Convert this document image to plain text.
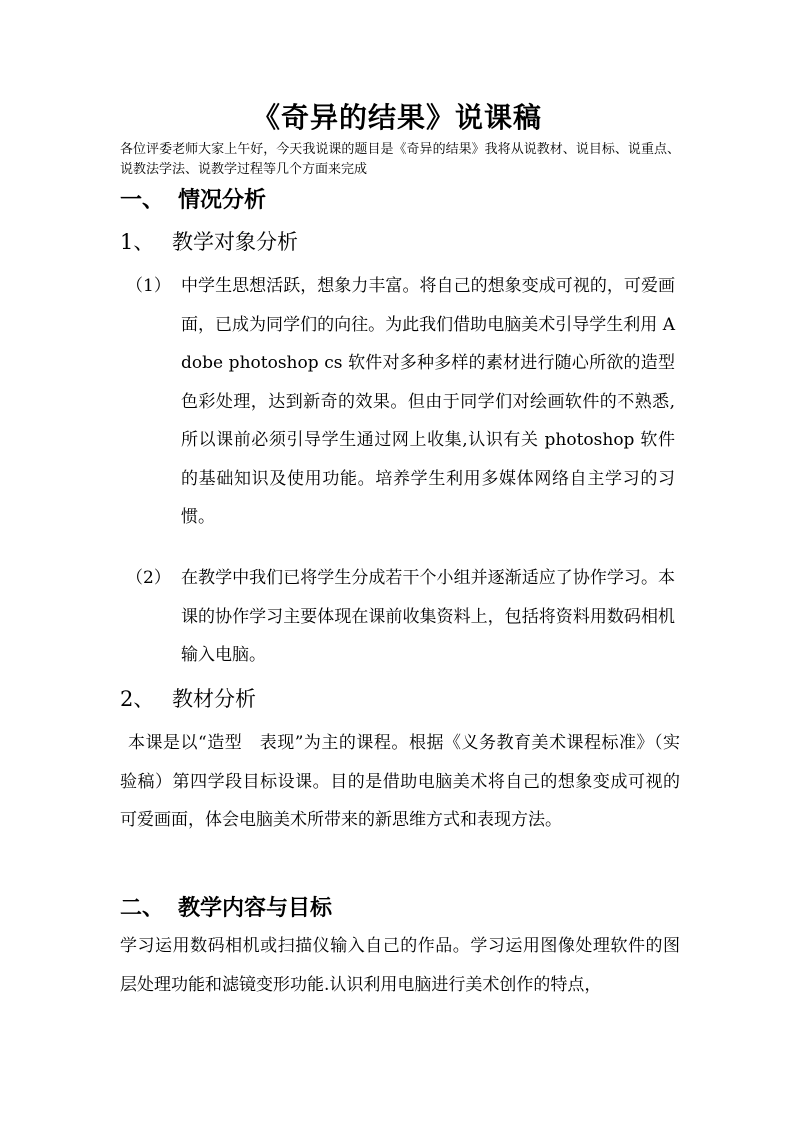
《奇异的结果》说课稿
各位评委老师大家上午好，今天我说课的题目是《奇异的结果》我将从说教材、说目标、说重点、说教法学法、说教学过程等几个方面来完成
一、 情况分析
1、 教学对象分析
（1） 中学生思想活跃，想象力丰富。将自己的想象变成可视的，可爱画面，已成为同学们的向往。为此我们借助电脑美术引导学生利用 A dobe photoshop cs 软件对多种多样的素材进行随心所欲的造型色彩处理，达到新奇的效果。但由于同学们对绘画软件的不熟悉,所以课前必须引导学生通过网上收集,认识有关 photoshop 软件的基础知识及使用功能。培养学生利用多媒体网络自主学习的习惯。
（2） 在教学中我们已将学生分成若干个小组并逐渐适应了协作学习。本课的协作学习主要体现在课前收集资料上，包括将资料用数码相机输入电脑。
2、 教材分析
本课是以“造型　表现”为主的课程。根据《义务教育美术课程标准》（实验稿）第四学段目标设课。目的是借助电脑美术将自己的想象变成可视的可爱画面，体会电脑美术所带来的新思维方式和表现方法。
二、 教学内容与目标
学习运用数码相机或扫描仪输入自己的作品。学习运用图像处理软件的图层处理功能和滤镜变形功能.认识利用电脑进行美术创作的特点，
